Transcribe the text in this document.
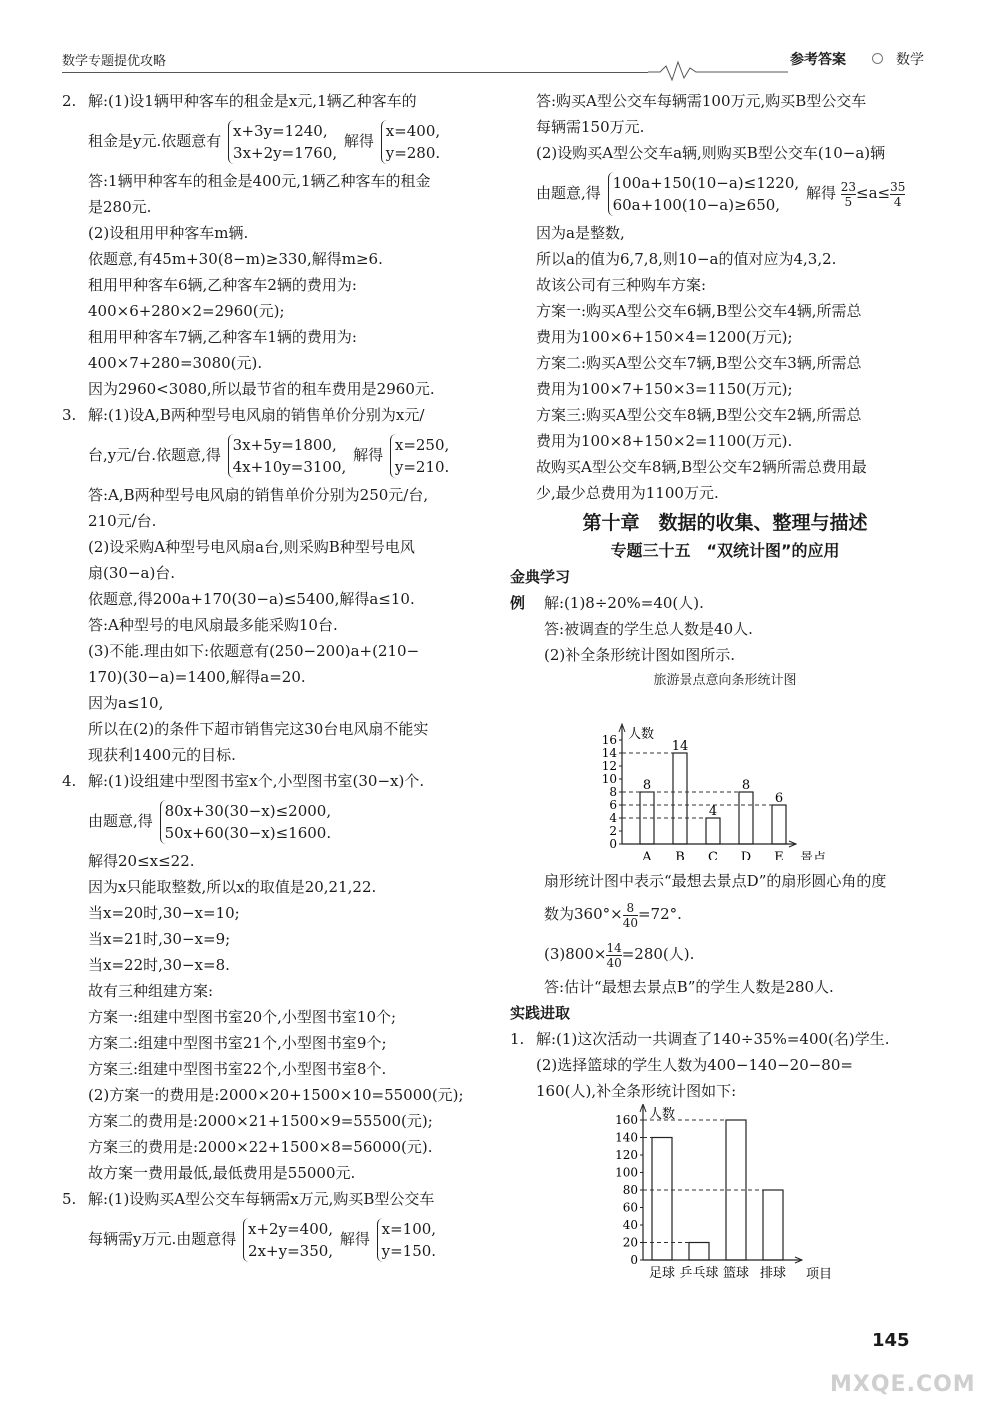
数学专题提优攻略	参考答案	数学

2. 解:(1)设1辆甲种客车的租金是x元,1辆乙种客车的

租金是y元.依题意有 x+3y=1240,
3x+2y=1760, 解得 x=400,
y=280.

答:1辆甲种客车的租金是400元,1辆乙种客车的租金

是280元.

(2)设租用甲种客车m辆.

依题意,有45m+30(8−m)≥330,解得m≥6.

租用甲种客车6辆,乙种客车2辆的费用为:

400×6+280×2=2960(元);

租用甲种客车7辆,乙种客车1辆的费用为:

400×7+280=3080(元).

因为2960<3080,所以最节省的租车费用是2960元.

3. 解:(1)设A,B两种型号电风扇的销售单价分别为x元/

台,y元/台.依题意,得 3x+5y=1800,
4x+10y=3100, 解得 x=250,
y=210.

答:A,B两种型号电风扇的销售单价分别为250元/台,

210元/台.

(2)设采购A种型号电风扇a台,则采购B种型号电风

扇(30−a)台.

依题意,得200a+170(30−a)≤5400,解得a≤10.

答:A种型号的电风扇最多能采购10台.

(3)不能.理由如下:依题意有(250−200)a+(210−

170)(30−a)=1400,解得a=20.

因为a≤10,

所以在(2)的条件下超市销售完这30台电风扇不能实

现获利1400元的目标.

4. 解:(1)设组建中型图书室x个,小型图书室(30−x)个.

由题意,得 80x+30(30−x)≤2000,
50x+60(30−x)≤1600.

解得20≤x≤22.

因为x只能取整数,所以x的取值是20,21,22.

当x=20时,30−x=10;

当x=21时,30−x=9;

当x=22时,30−x=8.

故有三种组建方案:

方案一:组建中型图书室20个,小型图书室10个;

方案二:组建中型图书室21个,小型图书室9个;

方案三:组建中型图书室22个,小型图书室8个.

(2)方案一的费用是:2000×20+1500×10=55000(元);

方案二的费用是:2000×21+1500×9=55500(元);

方案三的费用是:2000×22+1500×8=56000(元).

故方案一费用最低,最低费用是55000元.

5. 解:(1)设购买A型公交车每辆需x万元,购买B型公交车

每辆需y万元.由题意得 x+2y=400,
2x+y=350, 解得 x=100,
y=150.

答:购买A型公交车每辆需100万元,购买B型公交车

每辆需150万元.

(2)设购买A型公交车a辆,则购买B型公交车(10−a)辆

由题意,得 100a+150(10−a)≤1220,
60a+100(10−a)≥650, 解得 $\frac{23}{5} \le a\le \frac{35}{4}$

因为a是整数,

所以a的值为6,7,8,则10−a的值对应为4,3,2.

故该公司有三种购车方案:

方案一:购买A型公交车6辆,B型公交车4辆,所需总

费用为100×6+150×4=1200(万元);

方案二:购买A型公交车7辆,B型公交车3辆,所需总

费用为100×7+150×3=1150(万元);

方案三:购买A型公交车8辆,B型公交车2辆,所需总

费用为100×8+150×2=1100(万元).

故购买A型公交车8辆,B型公交车2辆所需总费用最

少,最少总费用为1100万元.

第十章　数据的收集、整理与描述
专题三十五　“双统计图”的应用

金典学习

例 解:(1)8÷20%=40(人).

答:被调查的学生总人数是40人.

(2)补全条形统计图如图所示.

旅游景点意向条形统计图
0
2
4
6
8
10
12
14
16 人数
景点
A
8
B
14
C
4
D
8
E
6

扇形统计图中表示“最想去景点D”的扇形圆心角的度

数为$360^\circ\times \frac{8}{40} =72^\circ$.

$(3)800\times \frac{14}{40} =280$(人).

答:估计“最想去景点B”的学生人数是280人.

实践进取

1. 解:(1)这次活动一共调查了140÷35%=400(名)学生.

(2)选择篮球的学生人数为400−140−20−80=

160(人),补全条形统计图如下:

0
20
40
60
80
100
120
140
160 人数
项目
足球 乒乓球 篮球 排球
145
MXQE.COM
